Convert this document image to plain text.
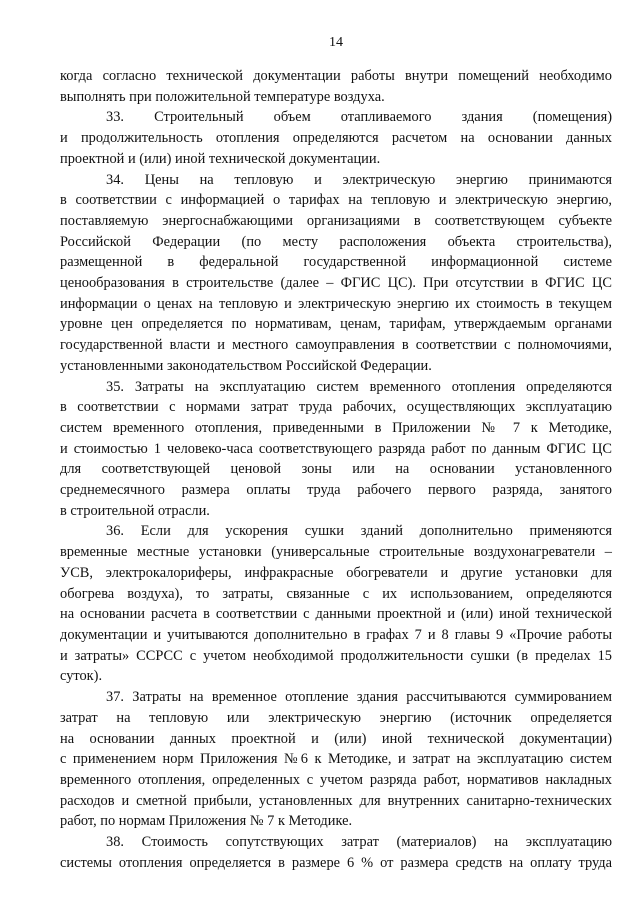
14
когда согласно технической документации работы внутри помещений необходимо
выполнять при положительной температуре воздуха.
33. Строительный объем отапливаемого здания (помещения)
и продолжительность отопления определяются расчетом на основании данных
проектной и (или) иной технической документации.
34. Цены на тепловую и электрическую энергию принимаются
в соответствии с информацией о тарифах на тепловую и электрическую энергию,
поставляемую энергоснабжающими организациями в соответствующем субъекте
Российской Федерации (по месту расположения объекта строительства),
размещенной в федеральной государственной информационной системе
ценообразования в строительстве (далее – ФГИС ЦС). При отсутствии в ФГИС ЦС
информации о ценах на тепловую и электрическую энергию их стоимость в текущем
уровне цен определяется по нормативам, ценам, тарифам, утверждаемым органами
государственной власти и местного самоуправления в соответствии с полномочиями,
установленными законодательством Российской Федерации.
35. Затраты на эксплуатацию систем временного отопления определяются
в соответствии с нормами затрат труда рабочих, осуществляющих эксплуатацию
систем временного отопления, приведенными в Приложении № 7 к Методике,
и стоимостью 1 человеко-часа соответствующего разряда работ по данным ФГИС ЦС
для соответствующей ценовой зоны или на основании установленного
среднемесячного размера оплаты труда рабочего первого разряда, занятого
в строительной отрасли.
36. Если для ускорения сушки зданий дополнительно применяются
временные местные установки (универсальные строительные воздухонагреватели –
УСВ, электрокалориферы, инфракрасные обогреватели и другие установки для
обогрева воздуха), то затраты, связанные с их использованием, определяются
на основании расчета в соответствии с данными проектной и (или) иной технической
документации и учитываются дополнительно в графах 7 и 8 главы 9 «Прочие работы
и затраты» ССРСС с учетом необходимой продолжительности сушки (в пределах 15
суток).
37. Затраты на временное отопление здания рассчитываются суммированием
затрат на тепловую или электрическую энергию (источник определяется
на основании данных проектной и (или) иной технической документации)
с применением норм Приложения №6 к Методике, и затрат на эксплуатацию систем
временного отопления, определенных с учетом разряда работ, нормативов накладных
расходов и сметной прибыли, установленных для внутренних санитарно-технических
работ, по нормам Приложения № 7 к Методике.
38. Стоимость сопутствующих затрат (материалов) на эксплуатацию
системы отопления определяется в размере 6 % от размера средств на оплату труда
